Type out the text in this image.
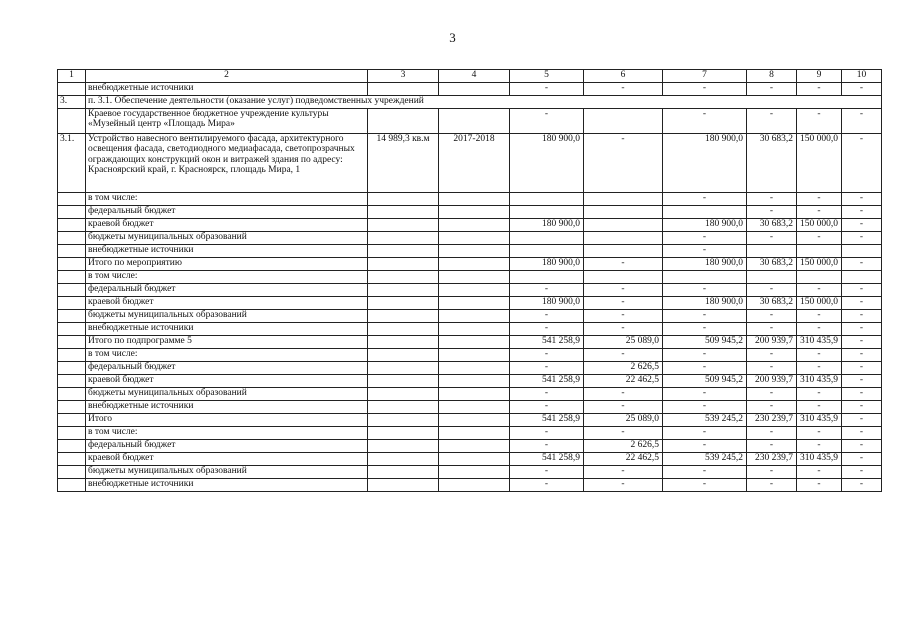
3
1	2	3	4	5	6	7	8	9	10
	внебюджетные источники			-	-	-	-	-	-
3.	п. 3.1. Обеспечение деятельности (оказание услуг) подведомственных учреждений								
	Краевое государственное бюджетное учреждение культуры «Музейный центр «Площадь Мира»			-		-	-	-	-
3.1.	Устройство навесного вентилируемого фасада, архитектурного освещения фасада, светодиодного медиафасада, светопрозрачных ограждающих конструкций окон и витражей здания по адресу: Красноярский край, г. Красноярск, площадь Мира, 1	14 989,3 кв.м	2017-2018	180 900,0	-	180 900,0	30 683,2	150 000,0	-
	в том числе:					-	-	-	-
	федеральный бюджет						-	-	-
	краевой бюджет			180 900,0		180 900,0	30 683,2	150 000,0	-
	бюджеты муниципальных образований					-	-	-	-
	внебюджетные источники					-			
	Итого по мероприятию			180 900,0	-	180 900,0	30 683,2	150 000,0	-
	в том числе:								
	федеральный бюджет			-	-	-	-	-	-
	краевой бюджет			180 900,0	-	180 900,0	30 683,2	150 000,0	-
	бюджеты муниципальных образований			-	-	-	-	-	-
	внебюджетные источники			-	-	-	-	-	-
	Итого по подпрограмме 5			541 258,9	25 089,0	509 945,2	200 939,7	310 435,9	-
	в том числе:			-	-	-	-	-	-
	федеральный бюджет			-	2 626,5	-	-	-	-
	краевой бюджет			541 258,9	22 462,5	509 945,2	200 939,7	310 435,9	-
	бюджеты муниципальных образований			-	-	-	-	-	-
	внебюджетные источники			-	-	-	-	-	-
	Итого			541 258,9	25 089,0	539 245,2	230 239,7	310 435,9	-
	в том числе:			-	-	-	-	-	-
	федеральный бюджет			-	2 626,5	-	-	-	-
	краевой бюджет			541 258,9	22 462,5	539 245,2	230 239,7	310 435,9	-
	бюджеты муниципальных образований			-	-	-	-	-	-
	внебюджетные источники			-	-	-	-	-	-
